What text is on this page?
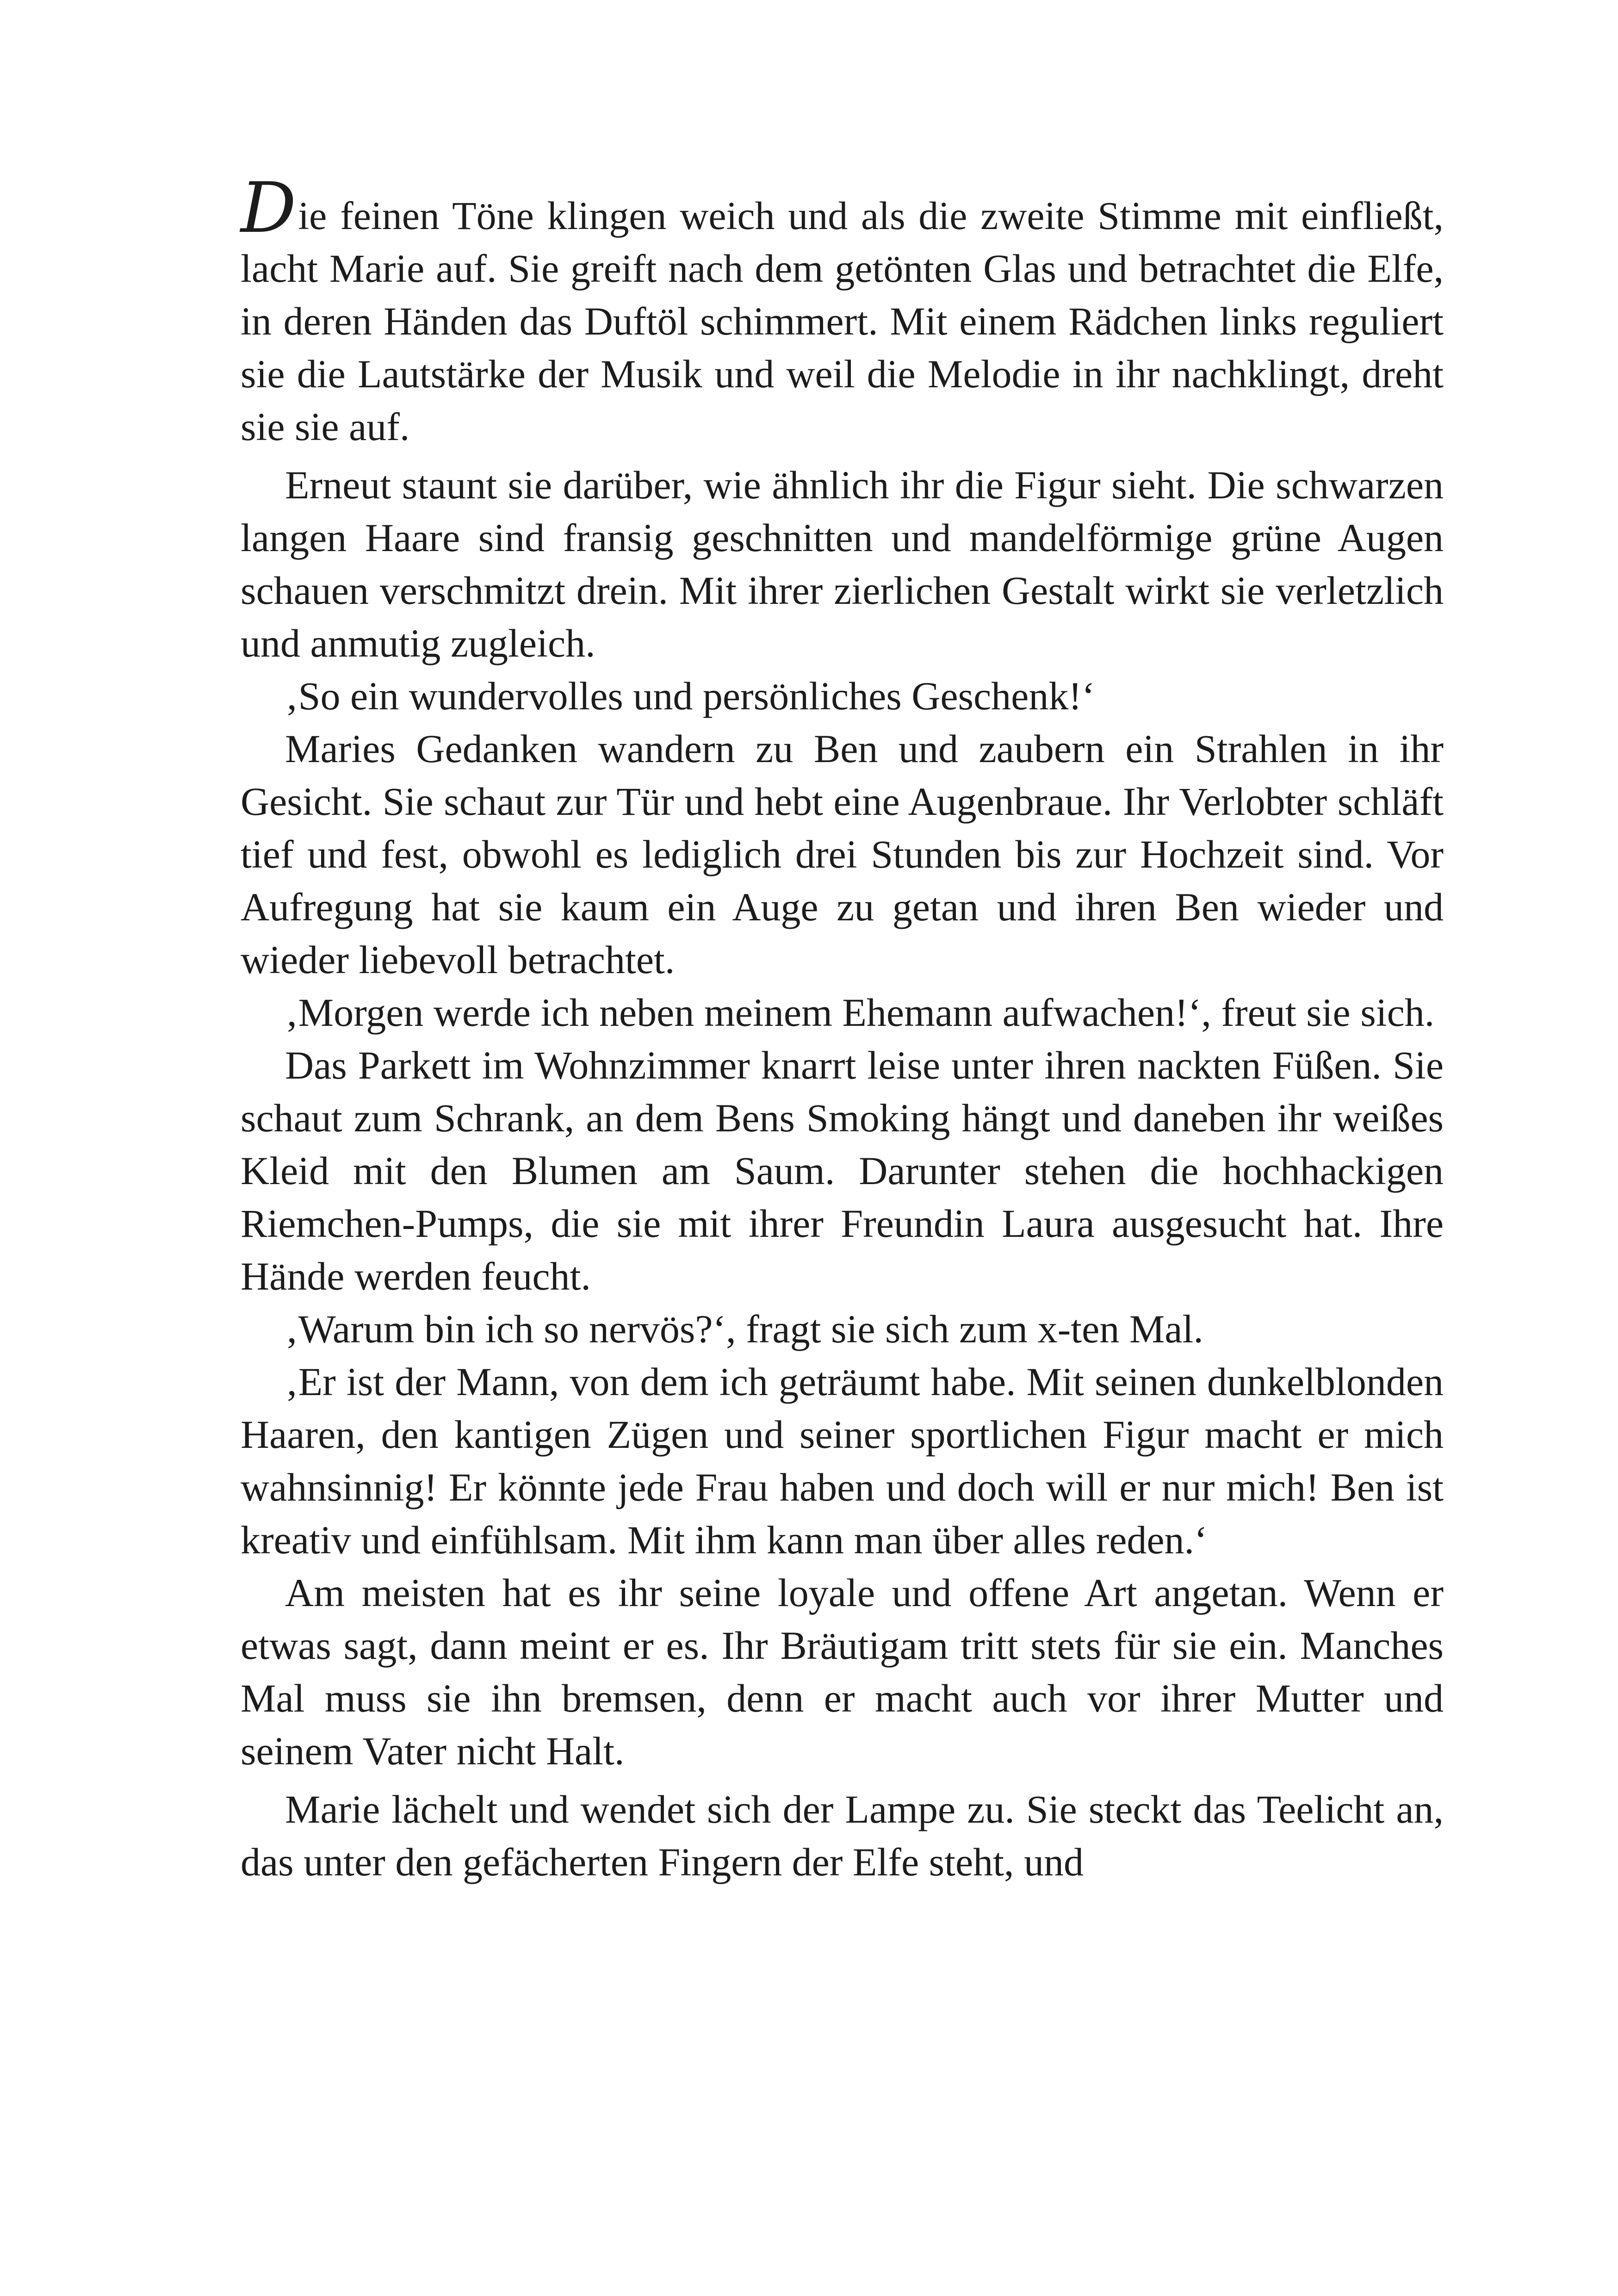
Die feinen Töne klingen weich und als die zweite Stimme mit einfließt, lacht Marie auf. Sie greift nach dem getönten Glas und betrachtet die Elfe, in deren Händen das Duftöl schimmert. Mit einem Rädchen links reguliert sie die Lautstärke der Musik und weil die Melodie in ihr nachklingt, dreht sie sie auf.

Erneut staunt sie darüber, wie ähnlich ihr die Figur sieht. Die schwarzen langen Haare sind fransig geschnitten und mandelförmige grüne Augen schauen verschmitzt drein. Mit ihrer zierlichen Gestalt wirkt sie verletzlich und anmutig zugleich.

‚So ein wundervolles und persönliches Geschenk!‘

Maries Gedanken wandern zu Ben und zaubern ein Strahlen in ihr Gesicht. Sie schaut zur Tür und hebt eine Augenbraue. Ihr Verlobter schläft tief und fest, obwohl es lediglich drei Stunden bis zur Hochzeit sind. Vor Aufregung hat sie kaum ein Auge zu getan und ihren Ben wieder und wieder liebevoll betrachtet.

‚Morgen werde ich neben meinem Ehemann aufwachen!‘, freut sie sich.

Das Parkett im Wohnzimmer knarrt leise unter ihren nackten Füßen. Sie schaut zum Schrank, an dem Bens Smoking hängt und daneben ihr weißes Kleid mit den Blumen am Saum. Darunter stehen die hochhackigen Riemchen-Pumps, die sie mit ihrer Freundin Laura ausgesucht hat. Ihre Hände werden feucht.

‚Warum bin ich so nervös?‘, fragt sie sich zum x-ten Mal.

‚Er ist der Mann, von dem ich geträumt habe. Mit seinen dunkelblonden Haaren, den kantigen Zügen und seiner sportlichen Figur macht er mich wahnsinnig! Er könnte jede Frau haben und doch will er nur mich! Ben ist kreativ und einfühlsam. Mit ihm kann man über alles reden.‘

Am meisten hat es ihr seine loyale und offene Art angetan. Wenn er etwas sagt, dann meint er es. Ihr Bräutigam tritt stets für sie ein. Manches Mal muss sie ihn bremsen, denn er macht auch vor ihrer Mutter und seinem Vater nicht Halt.

Marie lächelt und wendet sich der Lampe zu. Sie steckt das Teelicht an, das unter den gefächerten Fingern der Elfe steht, und
